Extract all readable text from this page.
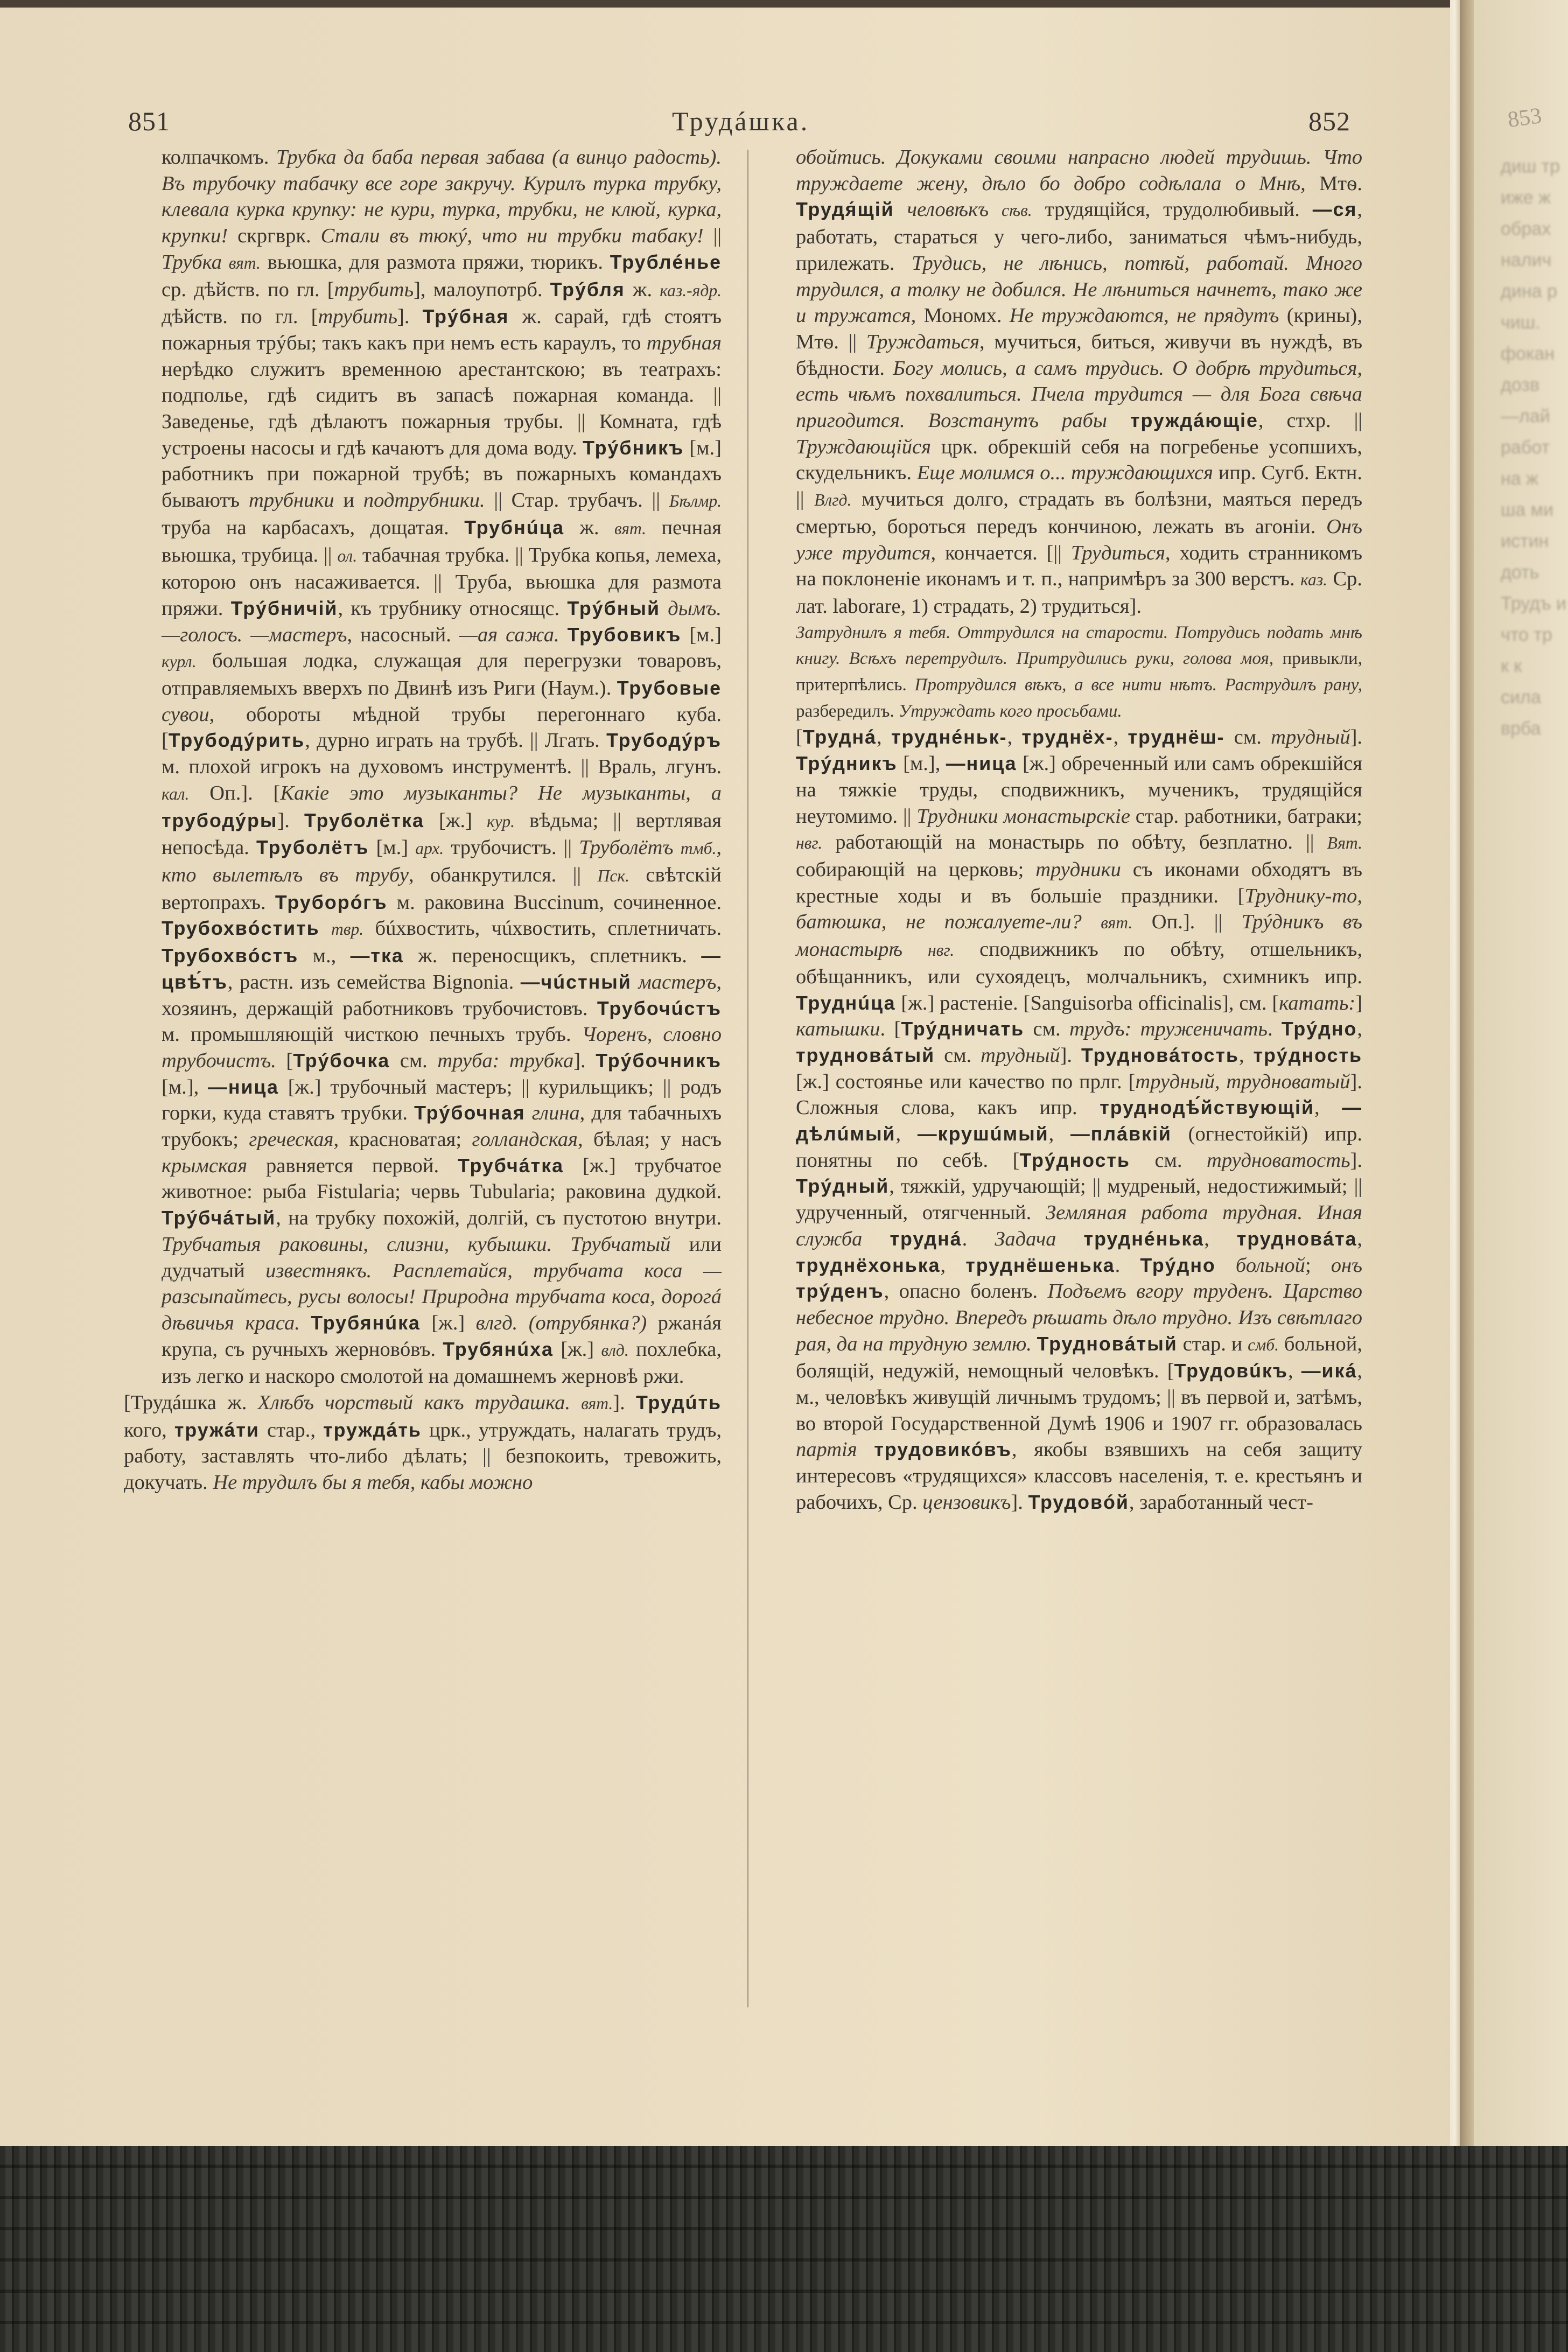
851	Трудáшка.	852

колпачкомъ. Трубка да баба первая забава (а винцо радость). Въ трубочку табачку все горе закручу. Курилъ турка трубку, клевала курка крупку: не кури, турка, трубки, не клюй, курка, крупки! скргврк. Стали въ тюкý, что ни трубки табаку! || Трубка вят. вьюшка, для размота пряжи, тюрикъ. Трублéнье ср. дѣйств. по гл. [трубить], малоупотрб. Трýбля ж. каз.-ядр. дѣйств. по гл. [трубить]. Трýбная ж. сарай, гдѣ стоятъ пожарныя трýбы; такъ какъ при немъ есть караулъ, то трубная нерѣдко служитъ временною арестантскою; въ театрахъ: подполье, гдѣ сидитъ въ запасѣ пожарная команда. || Заведенье, гдѣ дѣлаютъ пожарныя трубы. || Комната, гдѣ устроены насосы и гдѣ качаютъ для дома воду. Трýбникъ [м.] работникъ при пожарной трубѣ; въ пожарныхъ командахъ бываютъ трубники и подтрубники. || Стар. трубачъ. || Бѣлмр. труба на карбасахъ, дощатая. Трубнúца ж. вят. печная вьюшка, трубица. || ол. табачная трубка. || Трубка копья, лемеха, которою онъ насаживается. || Труба, вьюшка для размота пряжи. Трýбничiй, къ трубнику относящс. Трýбный дымъ. —голосъ. —мастеръ, насосный. —ая сажа. Трубовикъ [м.] курл. большая лодка, служащая для перегрузки товаровъ, отправляемыхъ вверхъ по Двинѣ изъ Риги (Наум.). Трубовые сувои, обороты мѣдной трубы перегоннаго куба. [Трубодýрить, дурно играть на трубѣ. || Лгать. Трубодýръ м. плохой игрокъ на духовомъ инструментѣ. || Враль, лгунъ. кал. Оп.]. [Какiе это музыканты? Не музыканты, а трубодýры]. Труболётка [ж.] кур. вѣдьма; || вертлявая непосѣда. Труболётъ [м.] арх. трубочистъ. || Труболётъ тмб., кто вылетѣлъ въ трубу, обанкрутился. || Пск. свѣтскiй вертопрахъ. Труборóгъ м. раковина Buccinum, сочиненное. Трубохвóстить твр. бúхвостить, чúхвостить, сплетничать. Трубохвóстъ м., —тка ж. переносщикъ, сплетникъ. —цвѣ́тъ, растн. изъ семейства Bignonia. —чúстный мастеръ, хозяинъ, держащiй работниковъ трубочистовъ. Трубочúстъ м. промышляющiй чисткою печныхъ трубъ. Чоренъ, словно трубочистъ. [Трýбочка см. труба: трубка]. Трýбочникъ [м.], —ница [ж.] трубочный мастеръ; || курильщикъ; || родъ горки, куда ставятъ трубки. Трýбочная глина, для табачныхъ трубокъ; греческая, красноватая; голландская, бѣлая; у насъ крымская равняется первой. Трубчáтка [ж.] трубчатое животное: рыба Fistularia; червь Tubularia; раковина дудкой. Трýбчáтый, на трубку похожiй, долгiй, съ пустотою внутри. Трубчатыя раковины, слизни, кубышки. Трубчатый или дудчатый известнякъ. Расплетайся, трубчата коса — разсыпайтесь, русы волосы! Природна трубчата коса, дорогá дѣвичья краса. Трубянúка [ж.] влгд. (отрубянка?) ржанáя крупа, съ ручныхъ жерновóвъ. Трубянúха [ж.] влд. похлебка, изъ легко и наскоро смолотой на домашнемъ жерновѣ ржи.

[Трудáшка ж. Хлѣбъ чорствый какъ трудашка. вят.]. Трудúть кого, тружáти стар., труждáть црк., утруждать, налагать трудъ, работу, заставлять что-либо дѣлать; || безпокоить, тревожить, докучать. Не трудилъ бы я тебя, кабы можно

обойтись. Докуками своими напрасно людей трудишь. Что труждаете жену, дѣло бо добро содѣлала о Мнѣ, Мтѳ. Трудя́щiй человѣкъ сѣв. трудящiйся, трудолюбивый. —ся, работать, стараться у чего-либо, заниматься чѣмъ-нибудь, прилежать. Трудись, не лѣнись, потѣй, работай. Много трудился, а толку не добился. Не лѣниться начнетъ, тако же и тружатся, Мономх. Не труждаются, не прядутъ (крины), Мтѳ. || Труждаться, мучиться, биться, живучи въ нуждѣ, въ бѣдности. Богу молись, а самъ трудись. О добрѣ трудиться, есть чѣмъ похвалиться. Пчела трудится — для Бога свѣча пригодится. Возстанутъ рабы труждáющiе, стхр. || Труждающiйся црк. обрекшiй себя на погребенье усопшихъ, скудельникъ. Еще молимся о... труждающихся ипр. Сугб. Ектн. || Влгд. мучиться долго, страдать въ болѣзни, маяться передъ смертью, бороться передъ кончиною, лежать въ агонiи. Онъ уже трудится, кончается. [|| Трудиться, ходить странникомъ на поклоненiе иконамъ и т. п., напримѣръ за 300 верстъ. каз. Ср. лат. laborare, 1) страдать, 2) трудиться].

Затруднилъ я тебя. Оттрудился на старости. Потрудись подать мнѣ книгу. Всѣхъ перетрудилъ. Притрудились руки, голова моя, привыкли, притерпѣлись. Протрудился вѣкъ, а все нити нѣтъ. Раструдилъ рану, разбередилъ. Утруждать кого просьбами.

[Труднá, труднéньк-, труднёх-, труднёш- см. трудный]. Трýдникъ [м.], —ница [ж.] обреченный или самъ обрекшiйся на тяжкiе труды, сподвижникъ, мученикъ, трудящiйся неутомимо. || Трудники монастырскiе стар. работники, батраки; нвг. работающiй на монастырь по обѣту, безплатно. || Вят. собирающiй на церковь; трудники съ иконами обходятъ въ крестные ходы и въ большiе праздники. [Труднику-то, батюшка, не пожалуете-ли? вят. Оп.]. || Трýдникъ въ монастырѣ нвг. сподвижникъ по обѣту, отшельникъ, обѣщанникъ, или сухоядецъ, молчальникъ, схимникъ ипр. Труднúца [ж.] растенiе. [Sanguisorba officinalis], см. [катать:] катышки. [Трýдничать см. трудъ: труженичать. Трýдно, трудновáтый см. трудный]. Трудновáтость, трýдность [ж.] состоянье или качество по прлг. [трудный, трудноватый]. Сложныя слова, какъ ипр. труднодѣ́йствующiй, —дѣлúмый, —крушúмый, —плáвкiй (огнестойкiй) ипр. понятны по себѣ. [Трýдность см. трудноватость]. Трýдный, тяжкiй, удручающiй; || мудреный, недостижимый; || удрученный, отягченный. Земляная работа трудная. Иная служба труднá. Задача труднéнька, трудновáта, труднёхонька, труднёшенька. Трýдно больной; онъ трýденъ, опасно боленъ. Подъемъ вгору труденъ. Царство небесное трудно. Впередъ рѣшать дѣло трудно. Изъ свѣтлаго рая, да на трудную землю. Трудновáтый стар. и смб. больной, болящiй, недужiй, немощный человѣкъ. [Трудовúкъ, —икá, м., человѣкъ живущiй личнымъ трудомъ; || въ первой и, затѣмъ, во второй Государственной Думѣ 1906 и 1907 гг. образовалась партiя трудовикóвъ, якобы взявшихъ на себя защиту интересовъ «трудящихся» классовъ населенiя, т. е. крестьянъ и рабочихъ, Ср. цензовикъ]. Трудовóй, заработанный чест-

853
диш тр
иже ж
обрах
налич
дина р
чиш.
фокан
дозв
—лай
работ
на ж
ша ми
истин
доть
Трудъ и
что тр
к к
сила
врба
